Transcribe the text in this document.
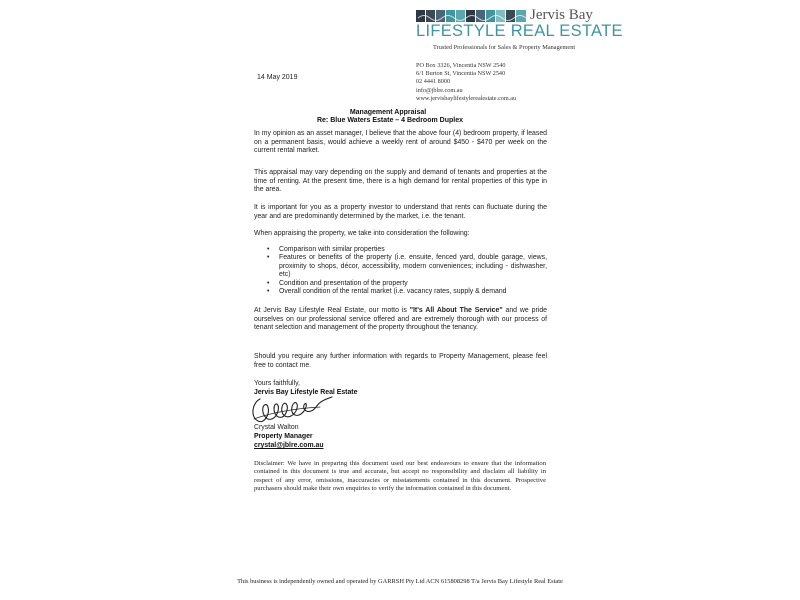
Jervis Bay
LIFESTYLE REAL ESTATE
Trusted Professionals for Sales & Property Management
PO Box 3326, Vincentia NSW 2540
6/1 Burton St, Vincentia NSW 2540
02 4441 8000
info@jblre.com.au
www.jervisbaylifestylerealestate.com.au
14 May 2019
Management Appraisal
Re: Blue Waters Estate – 4 Bedroom Duplex
In my opinion as an asset manager, I believe that the above four (4) bedroom property, if leased on a permanent basis, would achieve a weekly rent of around $450 - $470 per week on the current rental market.
This appraisal may vary depending on the supply and demand of tenants and properties at the time of renting. At the present time, there is a high demand for rental properties of this type in the area.
It is important for you as a property investor to understand that rents can fluctuate during the year and are predominantly determined by the market, i.e. the tenant.
When appraising the property, we take into consideration the following:
• Comparison with similar properties
• Features or benefits of the property (i.e. ensuite, fenced yard, double garage, views, proximity to shops, décor, accessibility, modern conveniences; including - dishwasher, etc)
• Condition and presentation of the property
• Overall condition of the rental market (i.e. vacancy rates, supply & demand
At Jervis Bay Lifestyle Real Estate, our motto is "It's All About The Service" and we pride ourselves on our professional service offered and are extremely thorough with our process of tenant selection and management of the property throughout the tenancy.
Should you require any further information with regards to Property Management, please feel free to contact me.
Yours faithfully,
Jervis Bay Lifestyle Real Estate
Crystal Walton
Property Manager
crystal@jblre.com.au
Disclaimer: We have in preparing this document used our best endeavours to ensure that the information contained in this document is true and accurate, but accept no responsibility and disclaim all liability in respect of any error, omissions, inaccuracies or misstatements contained in this document. Prospective purchasers should make their own enquiries to verify the information contained in this document.
This business is independently owned and operated by GARRSH Pty Ltd ACN 615808298 T/a Jervis Bay Lifestyle Real Estate
